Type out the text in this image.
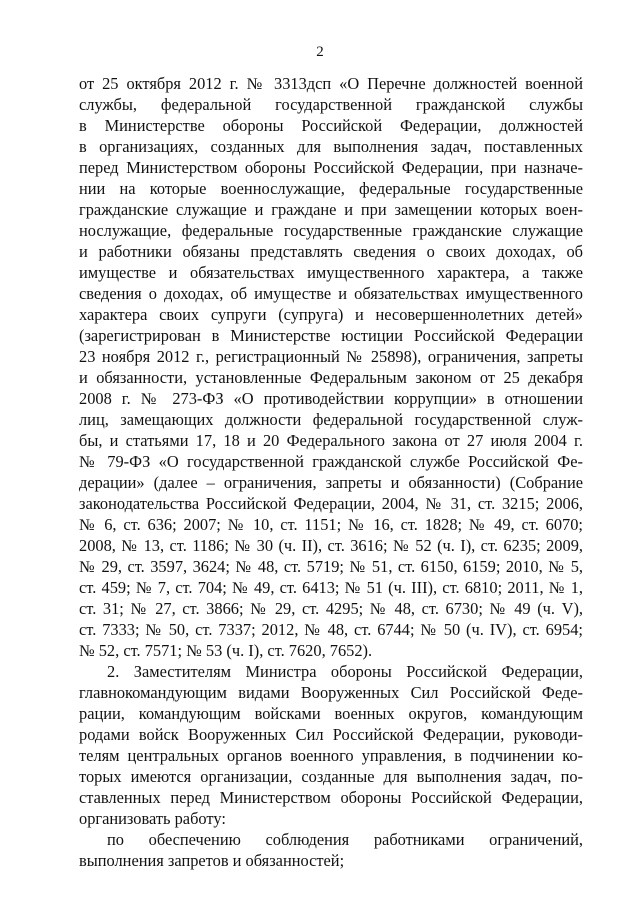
2
от 25 октября 2012 г. № 3313дсп «О Перечне должностей военной
службы, федеральной государственной гражданской службы
в Министерстве обороны Российской Федерации, должностей
в организациях, созданных для выполнения задач, поставленных
перед Министерством обороны Российской Федерации, при назначе-
нии на которые военнослужащие, федеральные государственные
гражданские служащие и граждане и при замещении которых воен-
нослужащие, федеральные государственные гражданские служащие
и работники обязаны представлять сведения о своих доходах, об
имуществе и обязательствах имущественного характера, а также
сведения о доходах, об имуществе и обязательствах имущественного
характера своих супруги (супруга) и несовершеннолетних детей»
(зарегистрирован в Министерстве юстиции Российской Федерации
23 ноября 2012 г., регистрационный № 25898), ограничения, запреты
и обязанности, установленные Федеральным законом от 25 декабря
2008 г. № 273-ФЗ «О противодействии коррупции» в отношении
лиц, замещающих должности федеральной государственной служ-
бы, и статьями 17, 18 и 20 Федерального закона от 27 июля 2004 г.
№ 79-ФЗ «О государственной гражданской службе Российской Фе-
дерации» (далее – ограничения, запреты и обязанности) (Собрание
законодательства Российской Федерации, 2004, № 31, ст. 3215; 2006,
№ 6, ст. 636; 2007; № 10, ст. 1151; № 16, ст. 1828; № 49, ст. 6070;
2008, № 13, ст. 1186; № 30 (ч. II), ст. 3616; № 52 (ч. I), ст. 6235; 2009,
№ 29, ст. 3597, 3624; № 48, ст. 5719; № 51, ст. 6150, 6159; 2010, № 5,
ст. 459; № 7, ст. 704; № 49, ст. 6413; № 51 (ч. III), ст. 6810; 2011, № 1,
ст. 31; № 27, ст. 3866; № 29, ст. 4295; № 48, ст. 6730; № 49 (ч. V),
ст. 7333; № 50, ст. 7337; 2012, № 48, ст. 6744; № 50 (ч. IV), ст. 6954;
№ 52, ст. 7571; № 53 (ч. I), ст. 7620, 7652).
2. Заместителям Министра обороны Российской Федерации,
главнокомандующим видами Вооруженных Сил Российской Феде-
рации, командующим войсками военных округов, командующим
родами войск Вооруженных Сил Российской Федерации, руководи-
телям центральных органов военного управления, в подчинении ко-
торых имеются организации, созданные для выполнения задач, по-
ставленных перед Министерством обороны Российской Федерации,
организовать работу:
по обеспечению соблюдения работниками ограничений,
выполнения запретов и обязанностей;
